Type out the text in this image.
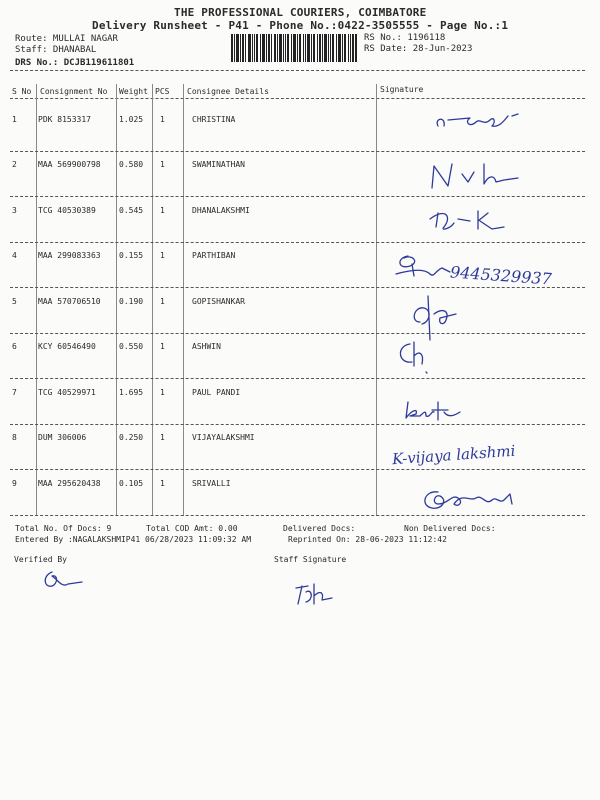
THE PROFESSIONAL COURIERS, COIMBATORE
Delivery Runsheet - P41 - Phone No.:0422-3505555 - Page No.:1
Route: MULLAI NAGAR
Staff: DHANABAL
DRS No.: DCJB119611801
RS No.: 1196118
RS Date: 28-Jun-2023
S No Consignment No Weight PCS Consignee Details	Signature
1	PDK 8153317	1.025 1	CHRISTINA
2	MAA 569900798 0.580 1	SWAMINATHAN
3	TCG 40530389	0.545 1	DHANALAKSHMI
4	MAA 299083363 0.155 1	PARTHIBAN
5	MAA 570706510 0.190 1	GOPISHANKAR
6	KCY 60546490	0.550 1	ASHWIN
7	TCG 40529971	1.695 1	PAUL PANDI
8	DUM 306006	0.250 1	VIJAYALAKSHMI
9	MAA 295620438 0.105 1	SRIVALLI
9445329937
K-vijaya lakshmi
Total No. Of Docs: 9	Total COD Amt: 0.00	Delivered Docs:	Non Delivered Docs:
Entered By :NAGALAKSHMIP41 06/28/2023 11:09:32 AM	Reprinted On: 28-06-2023 11:12:42
Verified By	Staff Signature
